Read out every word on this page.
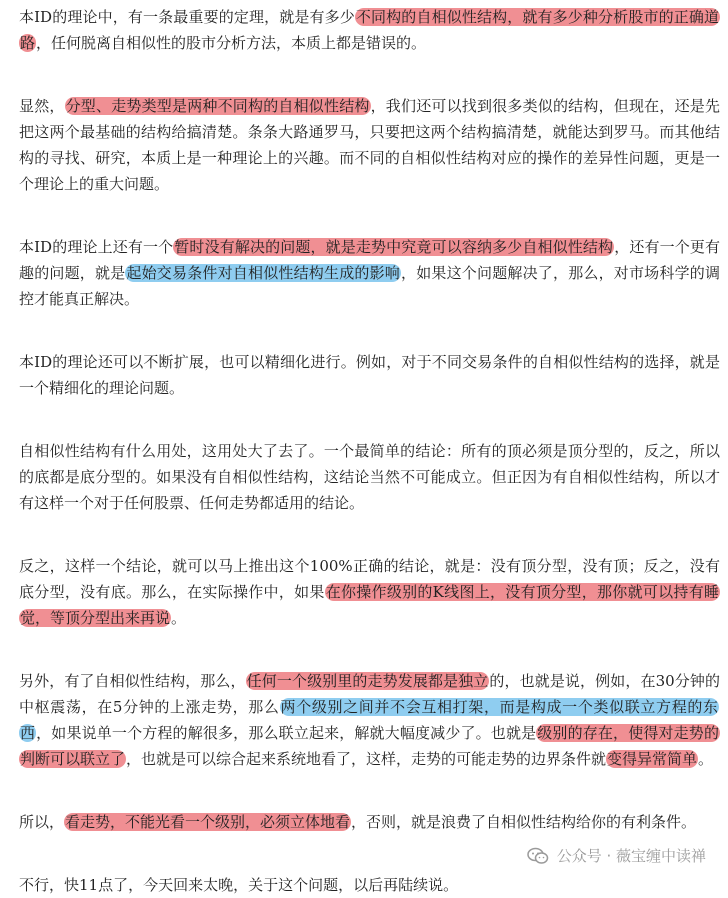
本ID的理论中，有一条最重要的定理，就是有多少不同构的自相似性结构，就有多少种分析股市的正确道路，任何脱离自相似性的股市分析方法，本质上都是错误的。

显然，分型、走势类型是两种不同构的自相似性结构，我们还可以找到很多类似的结构，但现在，还是先把这两个最基础的结构给搞清楚。条条大路通罗马，只要把这两个结构搞清楚，就能达到罗马。而其他结构的寻找、研究，本质上是一种理论上的兴趣。而不同的自相似性结构对应的操作的差异性问题，更是一个理论上的重大问题。

本ID的理论上还有一个暂时没有解决的问题，就是走势中究竟可以容纳多少自相似性结构，还有一个更有趣的问题，就是起始交易条件对自相似性结构生成的影响，如果这个问题解决了，那么，对市场科学的调控才能真正解决。

本ID的理论还可以不断扩展，也可以精细化进行。例如，对于不同交易条件的自相似性结构的选择，就是一个精细化的理论问题。

自相似性结构有什么用处，这用处大了去了。一个最简单的结论：所有的顶必须是顶分型的，反之，所以的底都是底分型的。如果没有自相似性结构，这结论当然不可能成立。但正因为有自相似性结构，所以才有这样一个对于任何股票、任何走势都适用的结论。

反之，这样一个结论，就可以马上推出这个100%正确的结论，就是：没有顶分型，没有顶；反之，没有底分型，没有底。那么，在实际操作中，如果在你操作级别的K线图上，没有顶分型，那你就可以持有睡觉，等顶分型出来再说。

另外，有了自相似性结构，那么，任何一个级别里的走势发展都是独立的，也就是说，例如，在30分钟的中枢震荡，在5分钟的上涨走势，那么两个级别之间并不会互相打架，而是构成一个类似联立方程的东西，如果说单一个方程的解很多，那么联立起来，解就大幅度减少了。也就是级别的存在，使得对走势的判断可以联立了，也就是可以综合起来系统地看了，这样，走势的可能走势的边界条件就变得异常简单。

所以，看走势，不能光看一个级别，必须立体地看，否则，就是浪费了自相似性结构给你的有利条件。

不行，快11点了，今天回来太晚，关于这个问题，以后再陆续说。

公众号 · 薇宝缠中读禅
